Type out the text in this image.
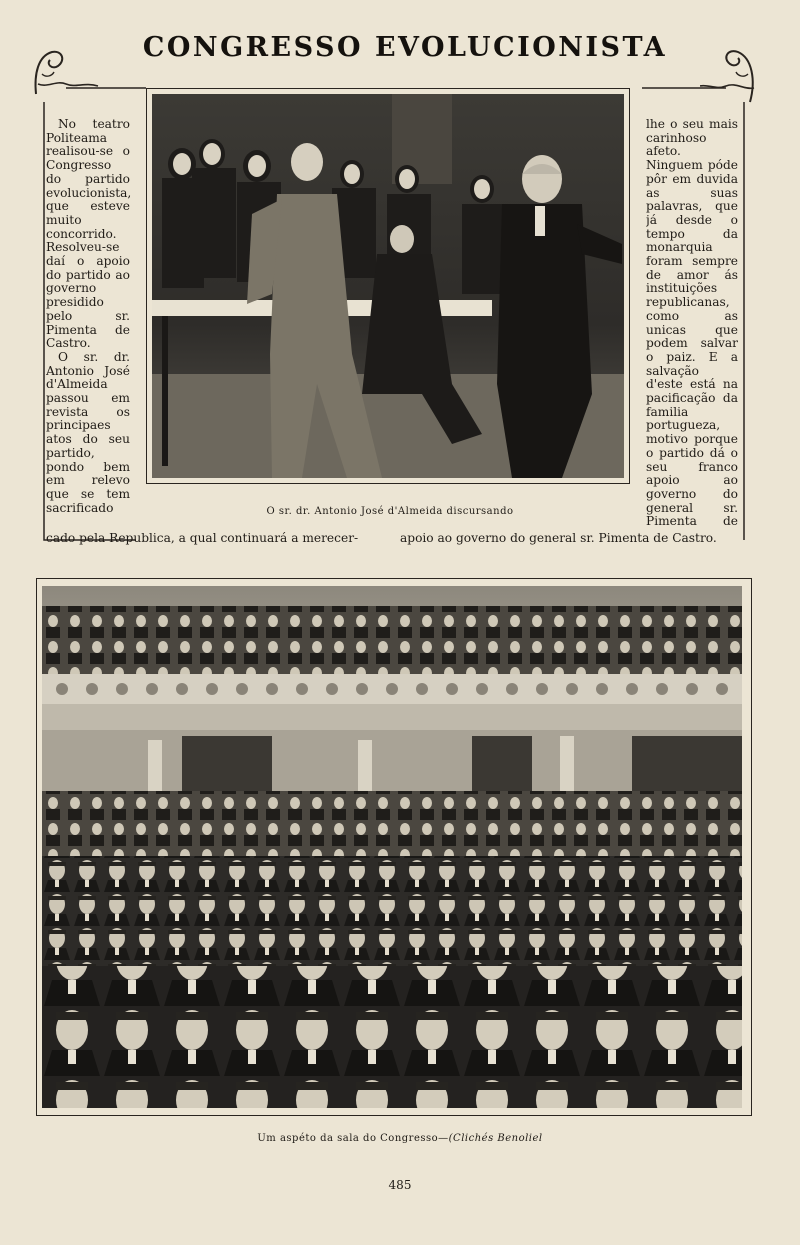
CONGRESSO EVOLUCIONISTA

No teatro Politeama realisou-se o Congresso do partido evolucionista, que esteve muito concorrido. Resolveu-se daí o apoio do partido ao governo presidido pelo sr. Pimenta de Castro.

O sr. dr. Antonio José d'Almeida passou em revista os principaes atos do seu partido, pondo bem em relevo que se tem sacrificado

lhe o seu mais carinhoso afeto. Ninguem póde pôr em duvida as suas palavras, que já desde o tempo da monarquia foram sempre de amor ás instituições republicanas, como as unicas que podem salvar o paiz. E a salvação d'este está na pacificação da familia portugueza, motivo porque o partido dá o seu franco apoio ao governo do general sr. Pimenta de

cado pela Republica, a qual continuará a merecer-	apoio ao governo do general sr. Pimenta de Castro.
O sr. dr. Antonio José d'Almeida discursando
Um aspéto da sala do Congresso—(Clichés Benoliel
485
